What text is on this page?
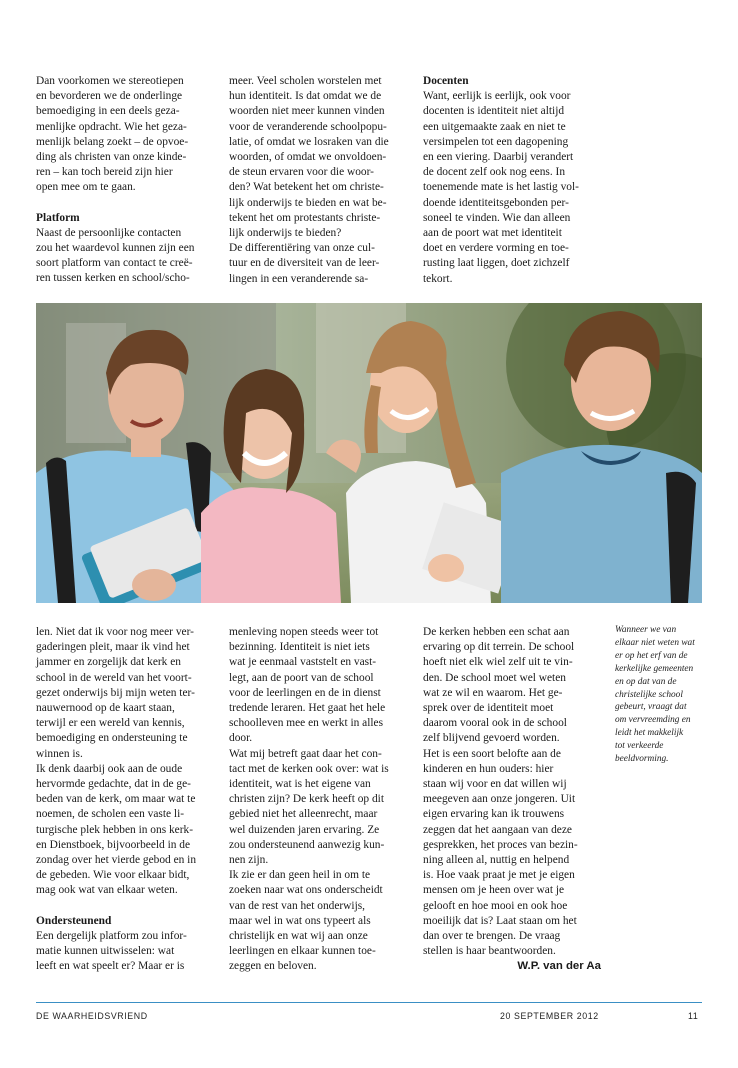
Dan voorkomen we stereotiepen
en bevorderen we de onderlinge
bemoediging in een deels geza-
menlijke opdracht. Wie het geza-
menlijk belang zoekt – de opvoe-
ding als christen van onze kinde-
ren – kan toch bereid zijn hier
open mee om te gaan.

Platform

Naast de persoonlijke contacten
zou het waardevol kunnen zijn een
soort platform van contact te creë-
ren tussen kerken en school/scho-

meer. Veel scholen worstelen met
hun identiteit. Is dat omdat we de
woorden niet meer kunnen vinden
voor de veranderende schoolpopu-
latie, of omdat we losraken van die
woorden, of omdat we onvoldoen-
de steun ervaren voor die woor-
den? Wat betekent het om christe-
lijk onderwijs te bieden en wat be-
tekent het om protestants christe-
lijk onderwijs te bieden?

De differentiëring van onze cul-
tuur en de diversiteit van de leer-
lingen in een veranderende sa-

Docenten

Want, eerlijk is eerlijk, ook voor
docenten is identiteit niet altijd
een uitgemaakte zaak en niet te
versimpelen tot een dagopening
en een viering. Daarbij verandert
de docent zelf ook nog eens. In
toenemende mate is het lastig vol-
doende identiteitsgebonden per-
soneel te vinden. Wie dan alleen
aan de poort wat met identiteit
doet en verdere vorming en toe-
rusting laat liggen, doet zichzelf
tekort.

len. Niet dat ik voor nog meer ver-
gaderingen pleit, maar ik vind het
jammer en zorgelijk dat kerk en
school in de wereld van het voort-
gezet onderwijs bij mijn weten ter-
nauwernood op de kaart staan,
terwijl er een wereld van kennis,
bemoediging en ondersteuning te
winnen is.

Ik denk daarbij ook aan de oude
hervormde gedachte, dat in de ge-
beden van de kerk, om maar wat te
noemen, de scholen een vaste li-
turgische plek hebben in ons kerk-
en Dienstboek, bijvoorbeeld in de
zondag over het vierde gebod en in
de gebeden. Wie voor elkaar bidt,
mag ook wat van elkaar weten.

Ondersteunend

Een dergelijk platform zou infor-
matie kunnen uitwisselen: wat
leeft en wat speelt er? Maar er is

menleving nopen steeds weer tot
bezinning. Identiteit is niet iets
wat je eenmaal vaststelt en vast-
legt, aan de poort van de school
voor de leerlingen en de in dienst
tredende leraren. Het gaat het hele
schoolleven mee en werkt in alles
door.

Wat mij betreft gaat daar het con-
tact met de kerken ook over: wat is
identiteit, wat is het eigene van
christen zijn? De kerk heeft op dit
gebied niet het alleenrecht, maar
wel duizenden jaren ervaring. Ze
zou ondersteunend aanwezig kun-
nen zijn.

Ik zie er dan geen heil in om te
zoeken naar wat ons onderscheidt
van de rest van het onderwijs,
maar wel in wat ons typeert als
christelijk en wat wij aan onze
leerlingen en elkaar kunnen toe-
zeggen en beloven.

De kerken hebben een schat aan
ervaring op dit terrein. De school
hoeft niet elk wiel zelf uit te vin-
den. De school moet wel weten
wat ze wil en waarom. Het ge-
sprek over de identiteit moet
daarom vooral ook in de school
zelf blijvend gevoerd worden.

Het is een soort belofte aan de
kinderen en hun ouders: hier
staan wij voor en dat willen wij
meegeven aan onze jongeren. Uit
eigen ervaring kan ik trouwens
zeggen dat het aangaan van deze
gesprekken, het proces van bezin-
ning alleen al, nuttig en helpend
is. Hoe vaak praat je met je eigen
mensen om je heen over wat je
gelooft en hoe mooi en ook hoe
moeilijk dat is? Laat staan om het
dan over te brengen. De vraag
stellen is haar beantwoorden.

W.P. van der Aa
Wanneer we van
elkaar niet weten wat
er op het erf van de
kerkelijke gemeenten
en op dat van de
christelijke school
gebeurt, vraagt dat
om vervreemding en
leidt het makkelijk
tot verkeerde
beeldvorming.
DE WAARHEIDSVRIEND	20 SEPTEMBER 2012	11
